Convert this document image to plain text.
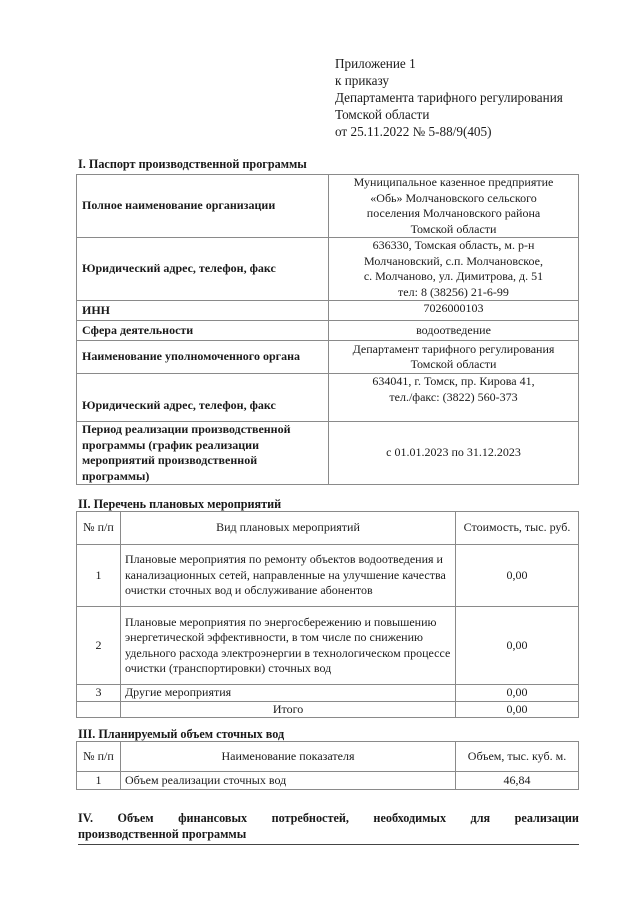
Приложение 1
к приказу
Департамента тарифного регулирования
Томской области
от 25.11.2022 № 5-88/9(405)
I. Паспорт производственной программы
Полное наименование организации	Муниципальное казенное предприятие
«Обь» Молчановского сельского
поселения Молчановского района
Томской области

Юридический адрес, телефон, факс	636330, Томская область, м. р-н
Молчановский, с.п. Молчановское,
с. Молчаново, ул. Димитрова, д. 51
тел: 8 (38256) 21-6-99

ИНН	7026000103
Сфера деятельности	водоотведение
Наименование уполномоченного органа	Департамент тарифного регулирования
Томской области

Юридический адрес, телефон, факс	634041, г. Томск, пр. Кирова 41,
тел./факс: (3822) 560-373

Период реализации производственной программы (график реализации мероприятий производственной программы)	с 01.01.2023 по 31.12.2023
II. Перечень плановых мероприятий
№ п/п	Вид плановых мероприятий	Стоимость, тыс. руб.
1	Плановые мероприятия по ремонту объектов водоотведения и канализационных сетей, направленные на улучшение качества очистки сточных вод и обслуживание абонентов	0,00
2	Плановые мероприятия по энергосбережению и повышению энергетической эффективности, в том числе по снижению удельного расхода электроэнергии в технологическом процессе очистки (транспортировки) сточных вод	0,00
3	Другие мероприятия	0,00
	Итого	0,00
III. Планируемый объем сточных вод
№ п/п	Наименование показателя	Объем, тыс. куб. м.
1	Объем реализации сточных вод	46,84
IV. Объем финансовых потребностей, необходимых для реализации
производственной программы
